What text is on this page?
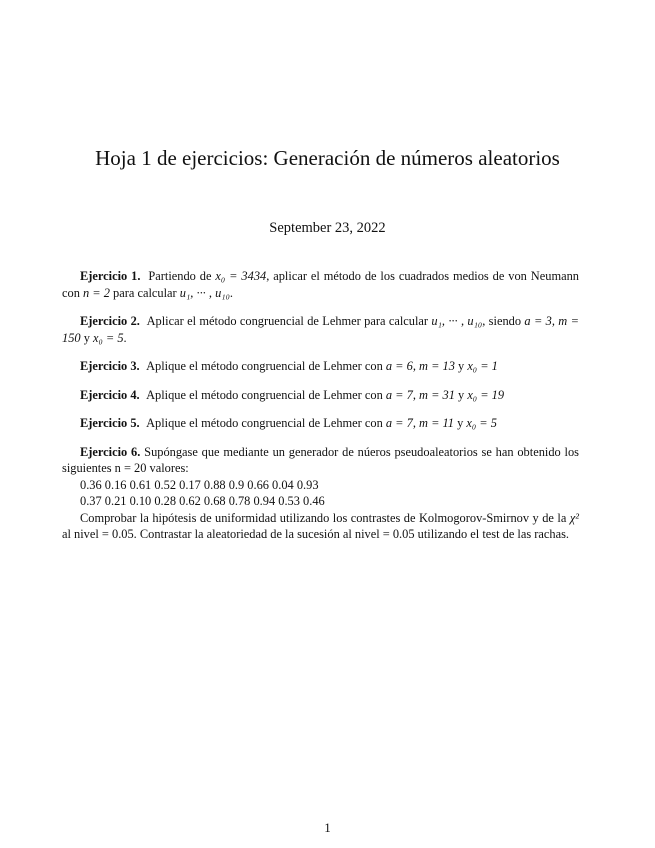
Hoja 1 de ejercicios: Generación de números aleatorios
September 23, 2022

Ejercicio 1. Partiendo de x₀ = 3434, aplicar el método de los cuadrados medios de von Neumann con n = 2 para calcular u₁, ··· , u₁₀.

Ejercicio 2. Aplicar el método congruencial de Lehmer para calcular u₁, ··· , u₁₀, siendo a = 3, m = 150 y x₀ = 5.

Ejercicio 3. Aplique el método congruencial de Lehmer con a = 6, m = 13 y x₀ = 1

Ejercicio 4. Aplique el método congruencial de Lehmer con a = 7, m = 31 y x₀ = 19

Ejercicio 5. Aplique el método congruencial de Lehmer con a = 7, m = 11 y x₀ = 5

Ejercicio 6. Supóngase que mediante un generador de núeros pseudoaleatorios se han obtenido los siguientes n = 20 valores:

0.36 0.16 0.61 0.52 0.17 0.88 0.9 0.66 0.04 0.93

0.37 0.21 0.10 0.28 0.62 0.68 0.78 0.94 0.53 0.46

Comprobar la hipótesis de uniformidad utilizando los contrastes de Kolmogorov-Smirnov y de la χ² al nivel = 0.05. Contrastar la aleatoriedad de la sucesión al nivel = 0.05 utilizando el test de las rachas.

1
